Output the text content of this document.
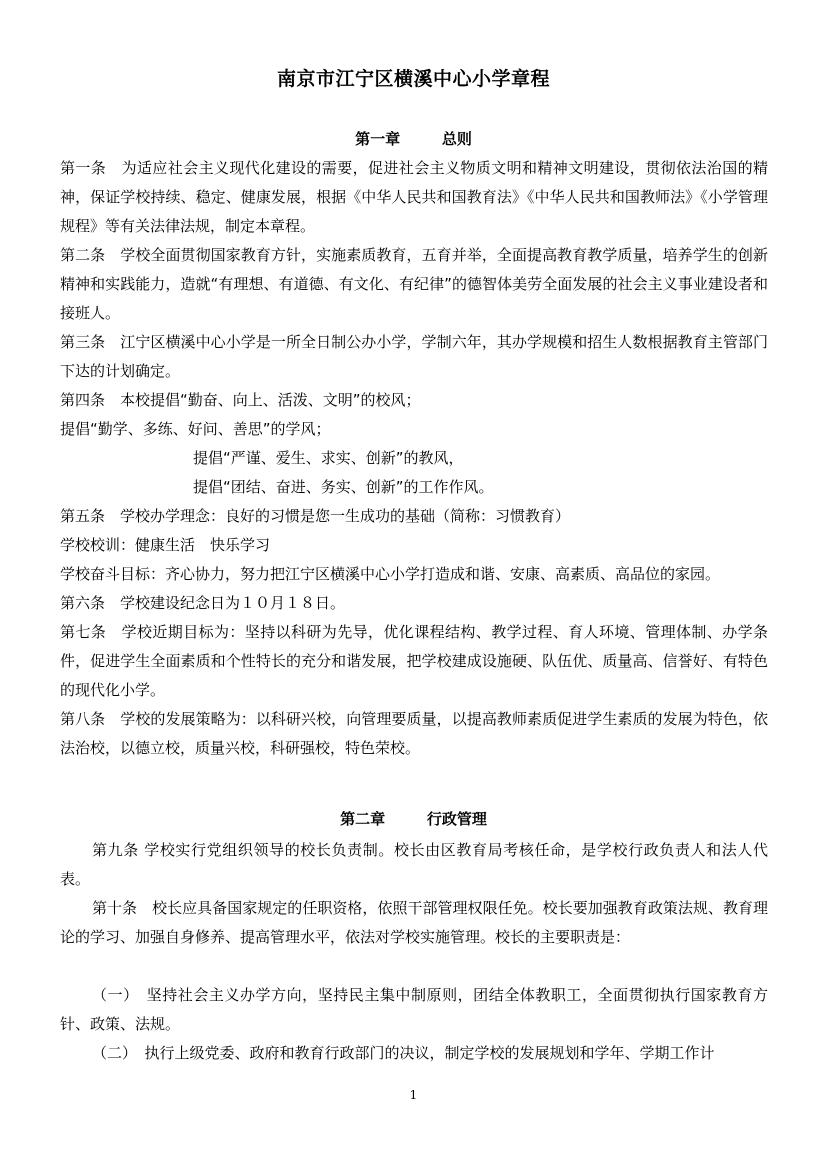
南京市江宁区横溪中心小学章程
第一章	总则
第一条　为适应社会主义现代化建设的需要，促进社会主义物质文明和精神文明建设，贯彻依法治国的精神，保证学校持续、稳定、健康发展，根据《中华人民共和国教育法》《中华人民共和国教师法》《小学管理规程》等有关法律法规，制定本章程。
第二条　学校全面贯彻国家教育方针，实施素质教育，五育并举，全面提高教育教学质量，培养学生的创新精神和实践能力，造就“有理想、有道德、有文化、有纪律”的德智体美劳全面发展的社会主义事业建设者和接班人。
第三条　江宁区横溪中心小学是一所全日制公办小学，学制六年，其办学规模和招生人数根据教育主管部门下达的计划确定。
第四条　本校提倡“勤奋、向上、活泼、文明”的校风；
提倡“勤学、多练、好问、善思”的学风；
提倡“严谨、爱生、求实、创新”的教风，
提倡“团结、奋进、务实、创新”的工作作风。
第五条　学校办学理念：良好的习惯是您一生成功的基础（简称：习惯教育）
学校校训：健康生活　快乐学习
学校奋斗目标：齐心协力，努力把江宁区横溪中心小学打造成和谐、安康、高素质、高品位的家园。
第六条　学校建设纪念日为１０月１８日。
第七条　学校近期目标为：坚持以科研为先导，优化课程结构、教学过程、育人环境、管理体制、办学条件，促进学生全面素质和个性特长的充分和谐发展，把学校建成设施硬、队伍优、质量高、信誉好、有特色的现代化小学。
第八条　学校的发展策略为：以科研兴校，向管理要质量，以提高教师素质促进学生素质的发展为特色，依法治校，以德立校，质量兴校，科研强校，特色荣校。
第二章	行政管理
第九条 学校实行党组织领导的校长负责制。校长由区教育局考核任命，是学校行政负责人和法人代表。
第十条　校长应具备国家规定的任职资格，依照干部管理权限任免。校长要加强教育政策法规、教育理论的学习、加强自身修养、提高管理水平，依法对学校实施管理。校长的主要职责是：
（一）　坚持社会主义办学方向，坚持民主集中制原则，团结全体教职工，全面贯彻执行国家教育方针、政策、法规。
（二）　执行上级党委、政府和教育行政部门的决议，制定学校的发展规划和学年、学期工作计
1
